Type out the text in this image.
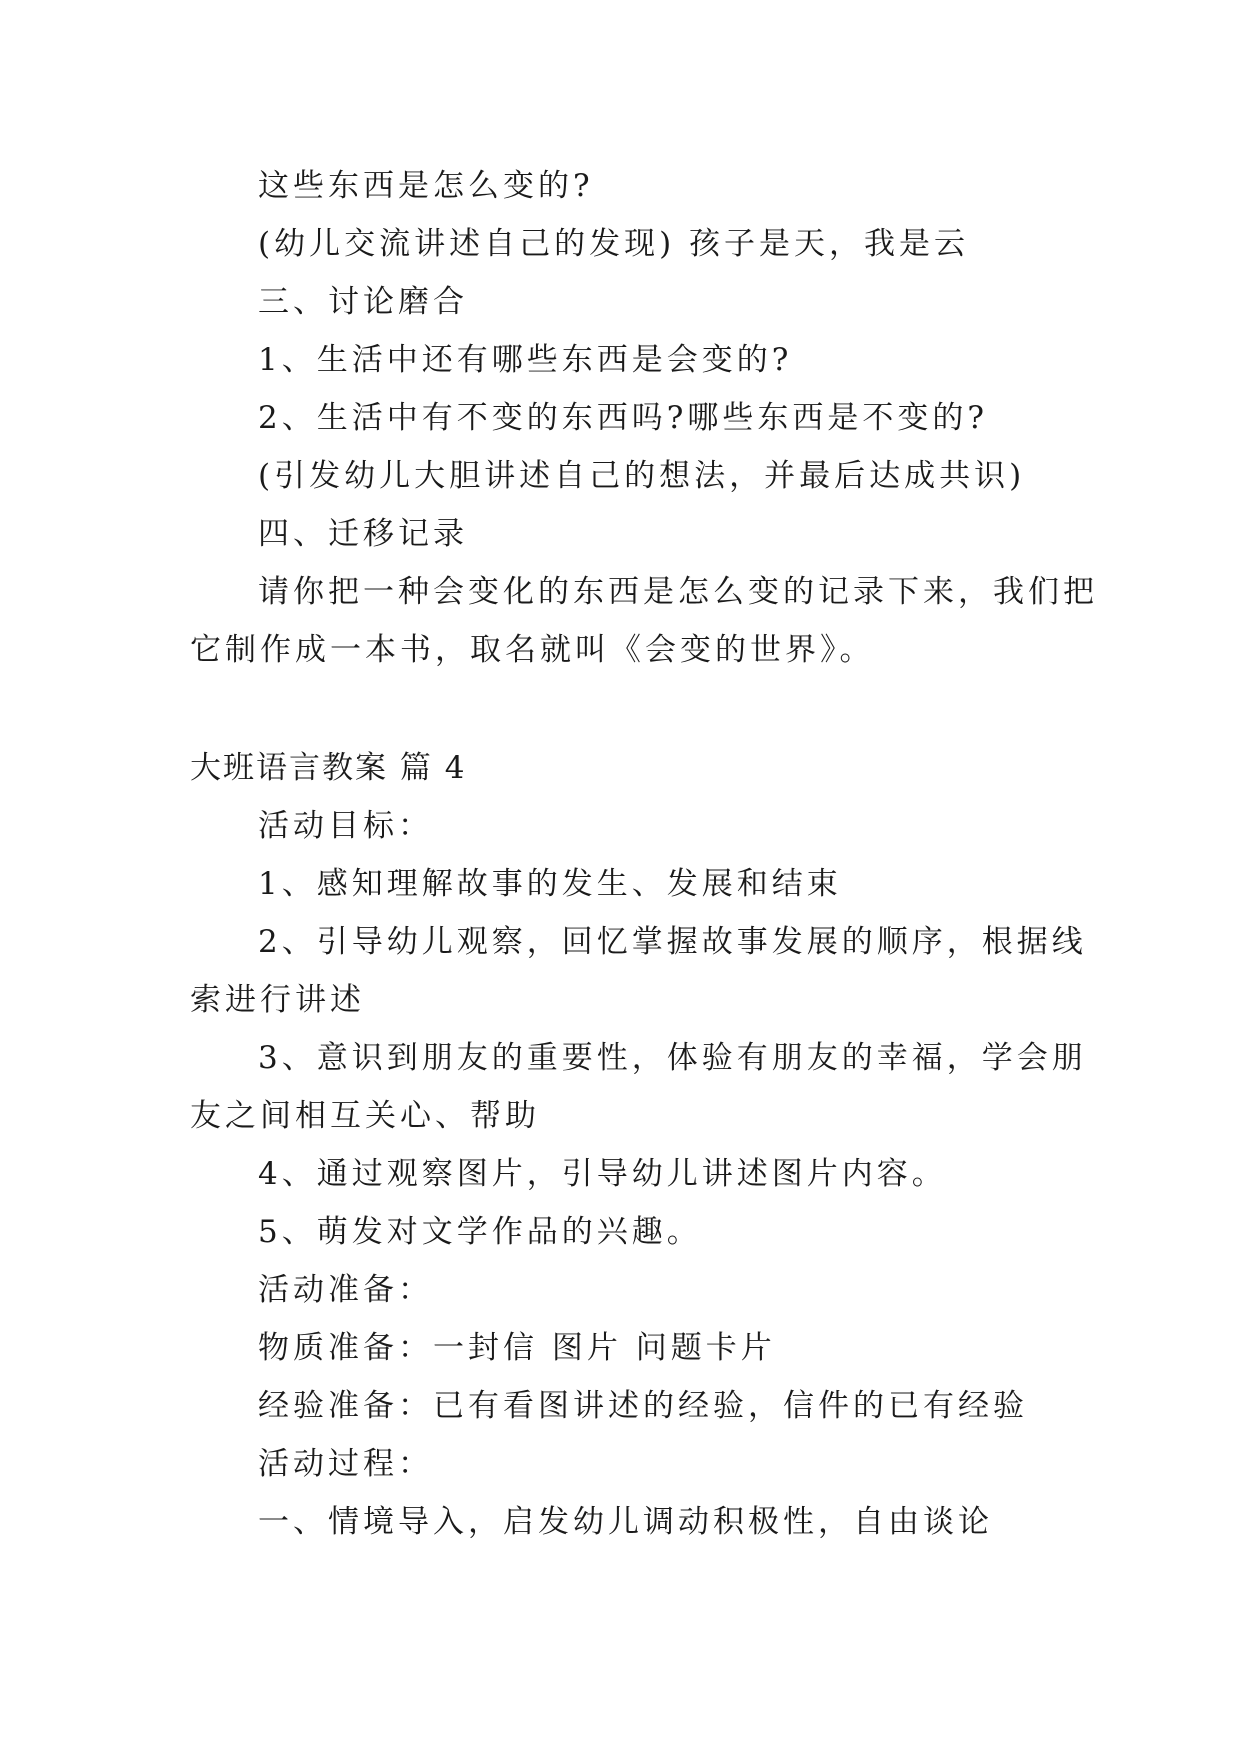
这些东西是怎么变的?
(幼儿交流讲述自己的发现) 孩子是天，我是云
三、讨论磨合
1、生活中还有哪些东西是会变的?
2、生活中有不变的东西吗?哪些东西是不变的?
(引发幼儿大胆讲述自己的想法，并最后达成共识)
四、迁移记录
请你把一种会变化的东西是怎么变的记录下来，我们把
它制作成一本书，取名就叫《会变的世界》。
大班语言教案 篇 4
活动目标：
1、感知理解故事的发生、发展和结束
2、引导幼儿观察，回忆掌握故事发展的顺序，根据线
索进行讲述
3、意识到朋友的重要性，体验有朋友的幸福，学会朋
友之间相互关心、帮助
4、通过观察图片，引导幼儿讲述图片内容。
5、萌发对文学作品的兴趣。
活动准备：
物质准备：一封信 图片 问题卡片
经验准备：已有看图讲述的经验，信件的已有经验
活动过程：
一、情境导入，启发幼儿调动积极性，自由谈论
